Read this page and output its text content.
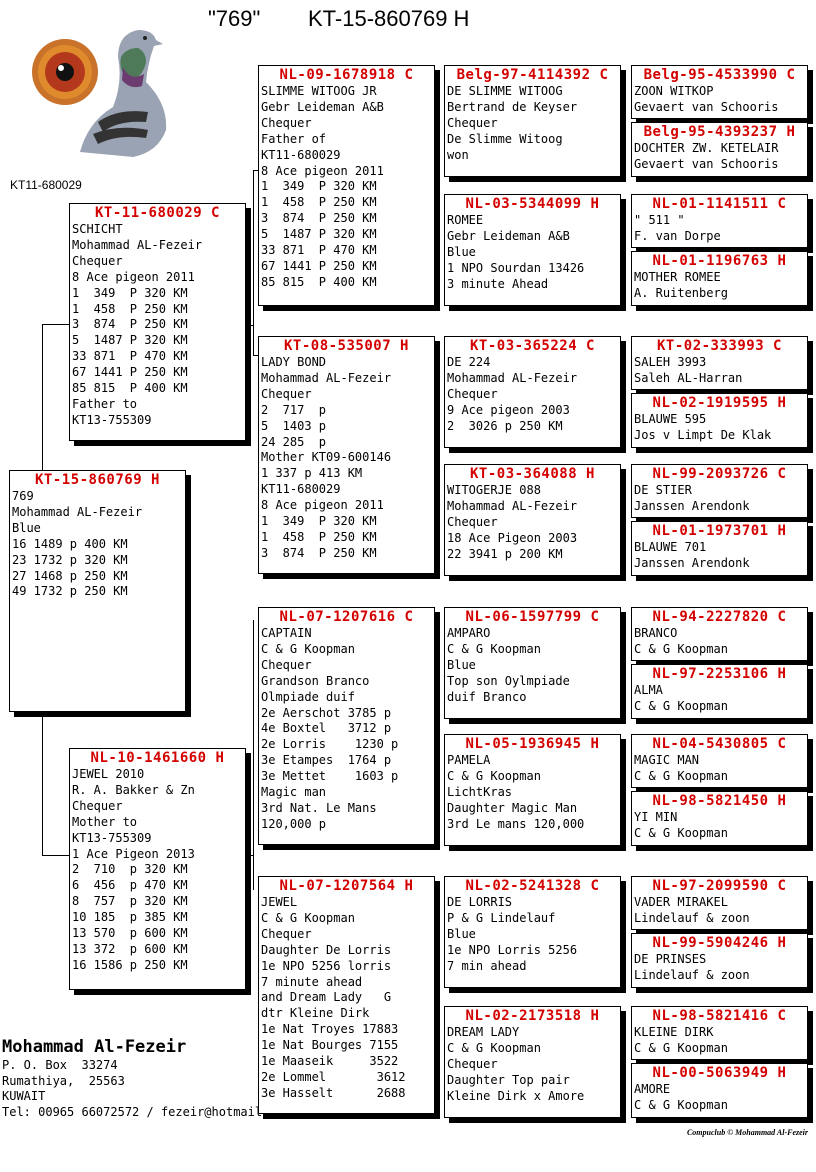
"769" KT-15-860769 H
KT11-680029
KT-15-860769 H
769
Mohammad AL-Fezeir
Blue
16 1489 p 400 KM
23 1732 p 320 KM
27 1468 p 250 KM
49 1732 p 250 KM
KT-11-680029 C
SCHICHT
Mohammad AL-Fezeir
Chequer
8 Ace pigeon 2011
1  349  P 320 KM
1  458  P 250 KM
3  874  P 250 KM
5  1487 P 320 KM
33 871  P 470 KM
67 1441 P 250 KM
85 815  P 400 KM
Father to
KT13-755309
NL-10-1461660 H
JEWEL 2010
R. A. Bakker & Zn
Chequer
Mother to
KT13-755309
1 Ace Pigeon 2013
2  710  p 320 KM
6  456  p 470 KM
8  757  p 320 KM
10 185  p 385 KM
13 570  p 600 KM
13 372  p 600 KM
16 1586 p 250 KM
NL-09-1678918 C
SLIMME WITOOG JR
Gebr Leideman A&B
Chequer
Father of
KT11-680029
8 Ace pigeon 2011
1  349  P 320 KM
1  458  P 250 KM
3  874  P 250 KM
5  1487 P 320 KM
33 871  P 470 KM
67 1441 P 250 KM
85 815  P 400 KM
KT-08-535007 H
LADY BOND
Mohammad AL-Fezeir
Chequer
2  717  p
5  1403 p
24 285  p
Mother KT09-600146
1 337 p 413 KM
KT11-680029
8 Ace pigeon 2011
1  349  P 320 KM
1  458  P 250 KM
3  874  P 250 KM
NL-07-1207616 C
CAPTAIN
C & G Koopman
Chequer
Grandson Branco
Olmpiade duif
2e Aerschot 3785 p
4e Boxtel   3712 p
2e Lorris    1230 p
3e Etampes  1764 p
3e Mettet    1603 p
Magic man
3rd Nat. Le Mans
120,000 p
NL-07-1207564 H
JEWEL
C & G Koopman
Chequer
Daughter De Lorris
1e NPO 5256 lorris
7 minute ahead
and Dream Lady   G
dtr Kleine Dirk
1e Nat Troyes 17883
1e Nat Bourges 7155
1e Maaseik     3522
2e Lommel       3612
3e Hasselt      2688
Belg-97-4114392 C
DE SLIMME WITOOG
Bertrand de Keyser
Chequer
De Slimme Witoog
won
NL-03-5344099 H
ROMEE
Gebr Leideman A&B
Blue
1 NPO Sourdan 13426
3 minute Ahead
KT-03-365224 C
DE 224
Mohammad AL-Fezeir
Chequer
9 Ace pigeon 2003
2  3026 p 250 KM
KT-03-364088 H
WITOGERJE 088
Mohammad AL-Fezeir
Chequer
18 Ace Pigeon 2003
22 3941 p 200 KM
NL-06-1597799 C
AMPARO
C & G Koopman
Blue
Top son Oylmpiade
duif Branco
NL-05-1936945 H
PAMELA
C & G Koopman
LichtKras
Daughter Magic Man
3rd Le mans 120,000
NL-02-5241328 C
DE LORRIS
P & G Lindelauf
Blue
1e NPO Lorris 5256
7 min ahead
NL-02-2173518 H
DREAM LADY
C & G Koopman
Chequer
Daughter Top pair
Kleine Dirk x Amore
Belg-95-4533990 C
ZOON WITKOP
Gevaert van Schooris
Belg-95-4393237 H
DOCHTER ZW. KETELAIR
Gevaert van Schooris
NL-01-1141511 C
" 511 "
F. van Dorpe
NL-01-1196763 H
MOTHER ROMEE
A. Ruitenberg
KT-02-333993 C
SALEH 3993
Saleh AL-Harran
NL-02-1919595 H
BLAUWE 595
Jos v Limpt De Klak
NL-99-2093726 C
DE STIER
Janssen Arendonk
NL-01-1973701 H
BLAUWE 701
Janssen Arendonk
NL-94-2227820 C
BRANCO
C & G Koopman
NL-97-2253106 H
ALMA
C & G Koopman
NL-04-5430805 C
MAGIC MAN
C & G Koopman
NL-98-5821450 H
YI MIN
C & G Koopman
NL-97-2099590 C
VADER MIRAKEL
Lindelauf & zoon
NL-99-5904246 H
DE PRINSES
Lindelauf & zoon
NL-98-5821416 C
KLEINE DIRK
C & G Koopman
NL-00-5063949 H
AMORE
C & G Koopman
Mohammad Al-Fezeir
P. O. Box  33274
Rumathiya,  25563
KUWAIT
Tel: 00965 66072572 / fezeir@hotmail.
Compuclub © Mohammad Al-Fezeir
